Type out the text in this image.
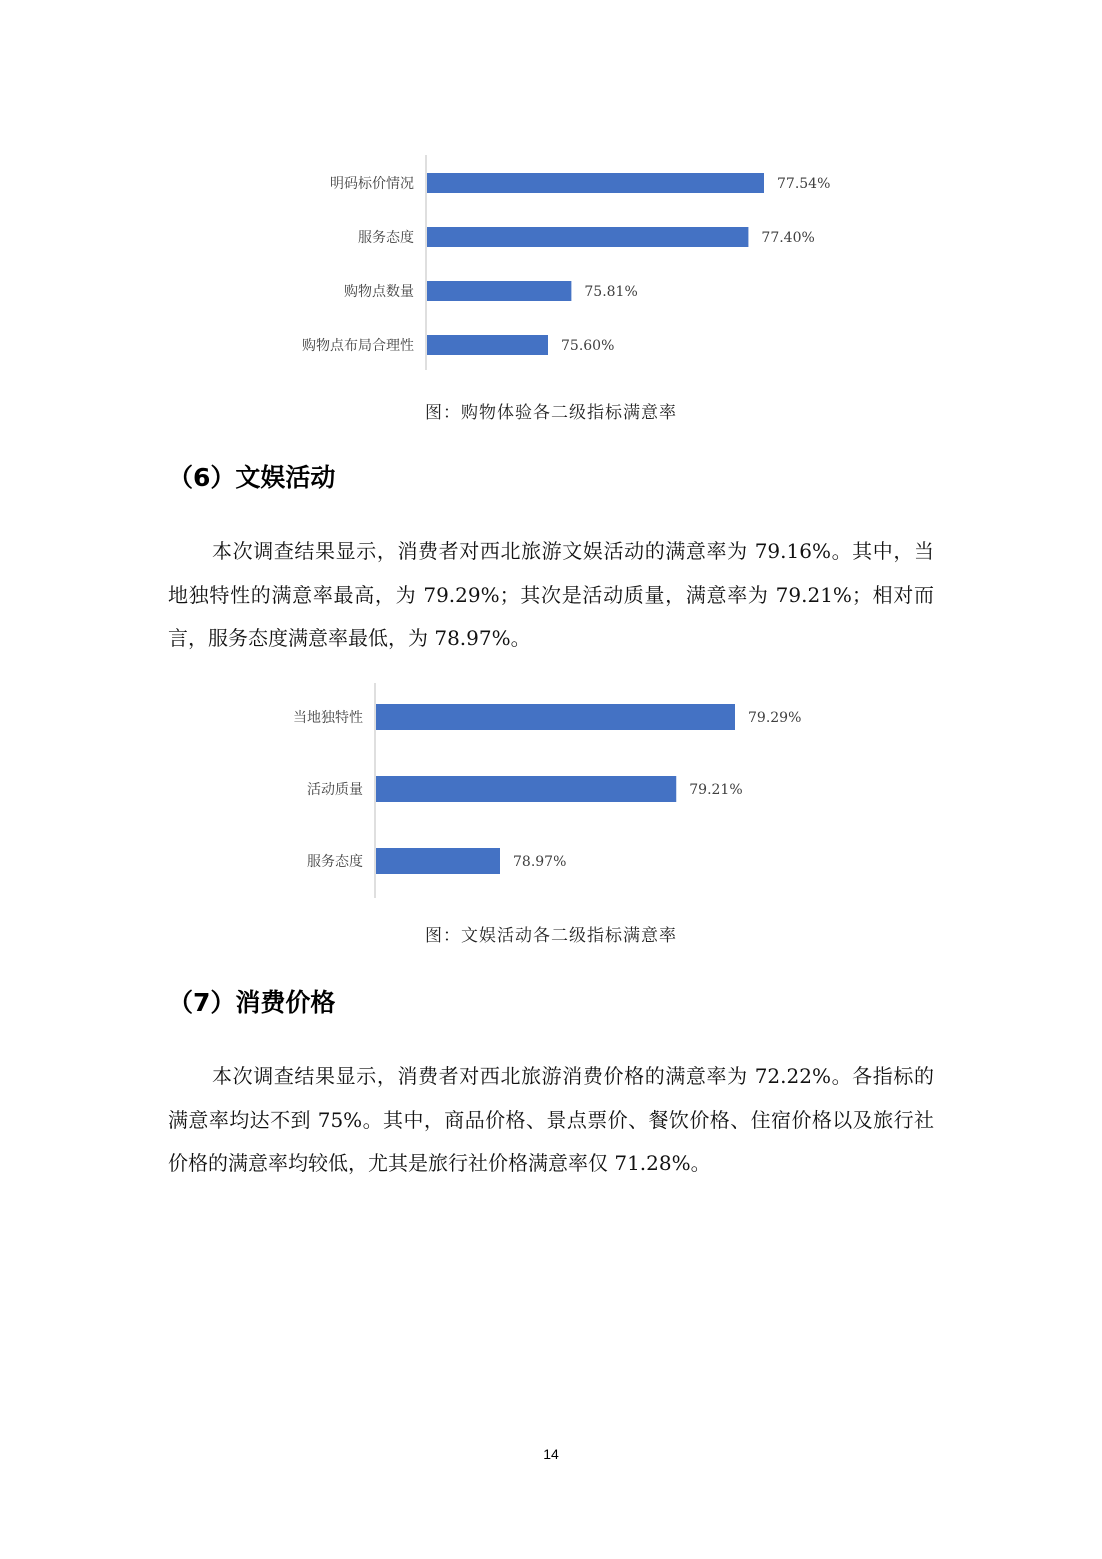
明码标价情况	77.54%
服务态度	77.40%
购物点数量	75.81%
购物点布局合理性	75.60%
图：购物体验各二级指标满意率
（6）文娱活动

本次调查结果显示，消费者对西北旅游文娱活动的满意率为 79.16%。其中，当地独特性的满意率最高，为 79.29%；其次是活动质量，满意率为 79.21%；相对而言，服务态度满意率最低，为 78.97%。

当地独特性	79.29%
活动质量	79.21%
服务态度	78.97%
图：文娱活动各二级指标满意率
（7）消费价格

本次调查结果显示，消费者对西北旅游消费价格的满意率为 72.22%。各指标的满意率均达不到 75%。其中，商品价格、景点票价、餐饮价格、住宿价格以及旅行社价格的满意率均较低，尤其是旅行社价格满意率仅 71.28%。

14
